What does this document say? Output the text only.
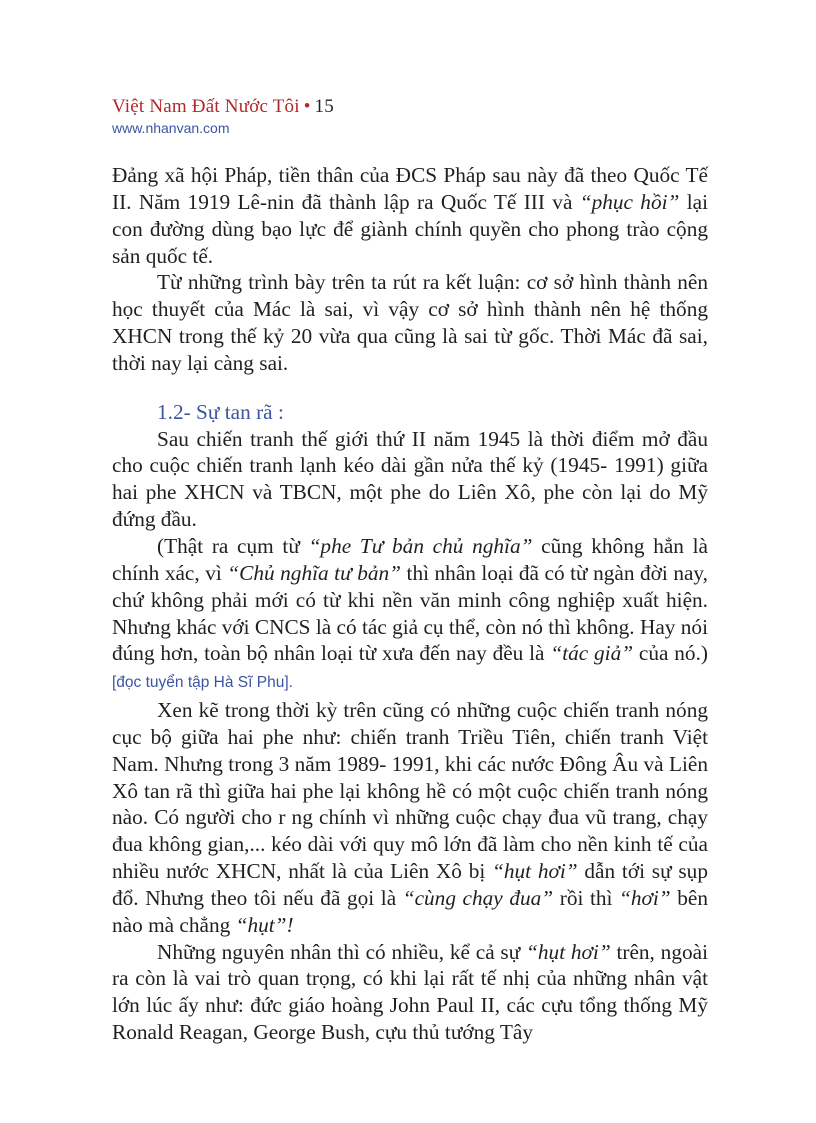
Việt Nam Đất Nước Tôi • 15
www.nhanvan.com

Đảng xã hội Pháp, tiền thân của ĐCS Pháp sau này đã theo Quốc Tế II. Năm 1919 Lê-nin đã thành lập ra Quốc Tế III và “phục hồi” lại con đường dùng bạo lực để giành chính quyền cho phong trào cộng sản quốc tế.

Từ những trình bày trên ta rút ra kết luận: cơ sở hình thành nên học thuyết của Mác là sai, vì vậy cơ sở hình thành nên hệ thống XHCN trong thế kỷ 20 vừa qua cũng là sai từ gốc. Thời Mác đã sai, thời nay lại càng sai.

1.2- Sự tan rã :

Sau chiến tranh thế giới thứ II năm 1945 là thời điểm mở đầu cho cuộc chiến tranh lạnh kéo dài gần nửa thế kỷ (1945- 1991) giữa hai phe XHCN và TBCN, một phe do Liên Xô, phe còn lại do Mỹ đứng đầu.

(Thật ra cụm từ “phe Tư bản chủ nghĩa” cũng không hẳn là chính xác, vì “Chủ nghĩa tư bản” thì nhân loại đã có từ ngàn đời nay, chứ không phải mới có từ khi nền văn minh công nghiệp xuất hiện. Nhưng khác với CNCS là có tác giả cụ thể, còn nó thì không. Hay nói đúng hơn, toàn bộ nhân loại từ xưa đến nay đều là “tác giả” của nó.) [đọc tuyển tập Hà Sĩ Phu].

Xen kẽ trong thời kỳ trên cũng có những cuộc chiến tranh nóng cục bộ giữa hai phe như: chiến tranh Triều Tiên, chiến tranh Việt Nam. Nhưng trong 3 năm 1989- 1991, khi các nước Đông Âu và Liên Xô tan rã thì giữa hai phe lại không hề có một cuộc chiến tranh nóng nào. Có người cho r ng chính vì những cuộc chạy đua vũ trang, chạy đua không gian,... kéo dài với quy mô lớn đã làm cho nền kinh tế của nhiều nước XHCN, nhất là của Liên Xô bị “hụt hơi” dẫn tới sự sụp đổ. Nhưng theo tôi nếu đã gọi là “cùng chạy đua” rồi thì “hơi” bên nào mà chẳng “hụt”!

Những nguyên nhân thì có nhiều, kể cả sự “hụt hơi” trên, ngoài ra còn là vai trò quan trọng, có khi lại rất tế nhị của những nhân vật lớn lúc ấy như: đức giáo hoàng John Paul II, các cựu tổng thống Mỹ Ronald Reagan, George Bush, cựu thủ tướng Tây
